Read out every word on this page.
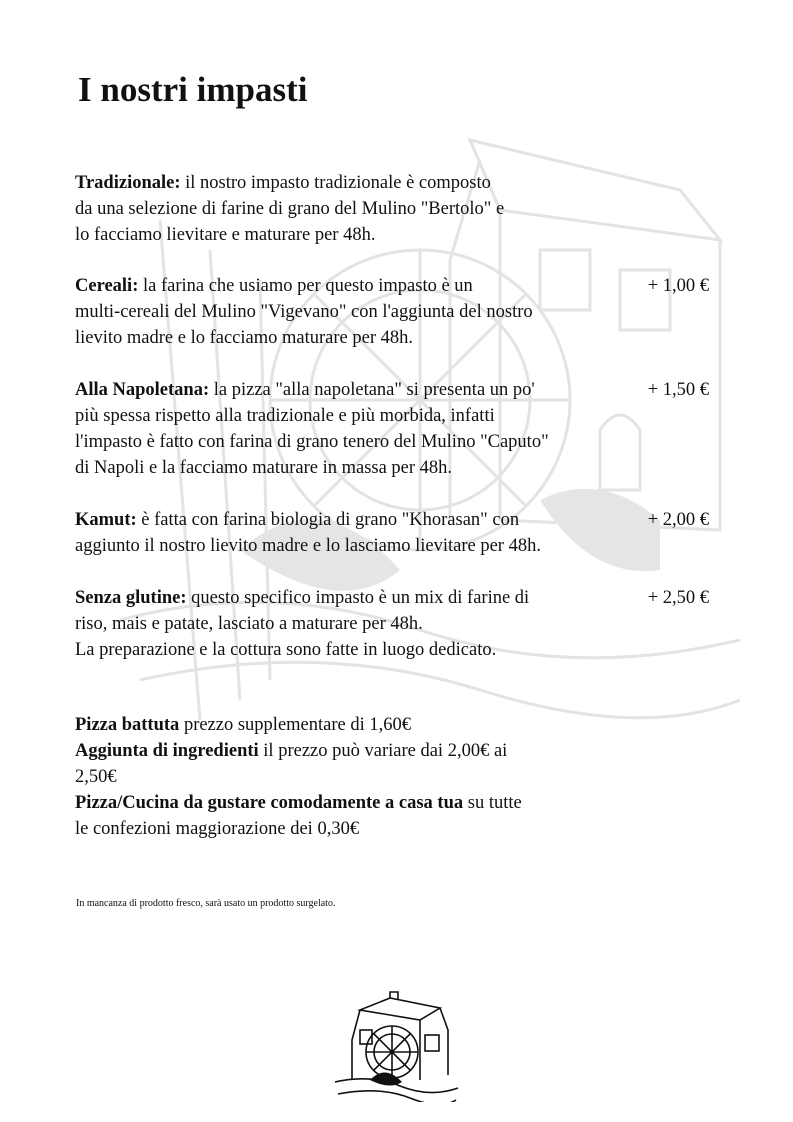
I nostri impasti
Tradizionale: il nostro impasto tradizionale è composto
da una selezione di farine di grano del Mulino "Bertolo" e
lo facciamo lievitare e maturare per 48h.
Cereali: la farina che usiamo per questo impasto è un
multi-cereali del Mulino "Vigevano" con l'aggiunta del nostro
lievito madre e lo facciamo maturare per 48h.
+ 1,00 €
Alla Napoletana: la pizza "alla napoletana" si presenta un po'
più spessa rispetto alla tradizionale e più morbida, infatti
l'impasto è fatto con farina di grano tenero del Mulino "Caputo"
di Napoli e la facciamo maturare in massa per 48h.
+ 1,50 €
Kamut: è fatta con farina biologia di grano "Khorasan" con
aggiunto il nostro lievito madre e lo lasciamo lievitare per 48h.
+ 2,00 €
Senza glutine: questo specifico impasto è un mix di farine di
riso, mais e patate, lasciato a maturare per 48h.
La preparazione e la cottura sono fatte in luogo dedicato.
+ 2,50 €

Pizza battuta prezzo supplementare di 1,60€

Aggiunta di ingredienti il prezzo può variare dai 2,00€ ai
2,50€

Pizza/Cucina da gustare comodamente a casa tua su tutte
le confezioni maggiorazione dei 0,30€

In mancanza di prodotto fresco, sarà usato un prodotto surgelato.
